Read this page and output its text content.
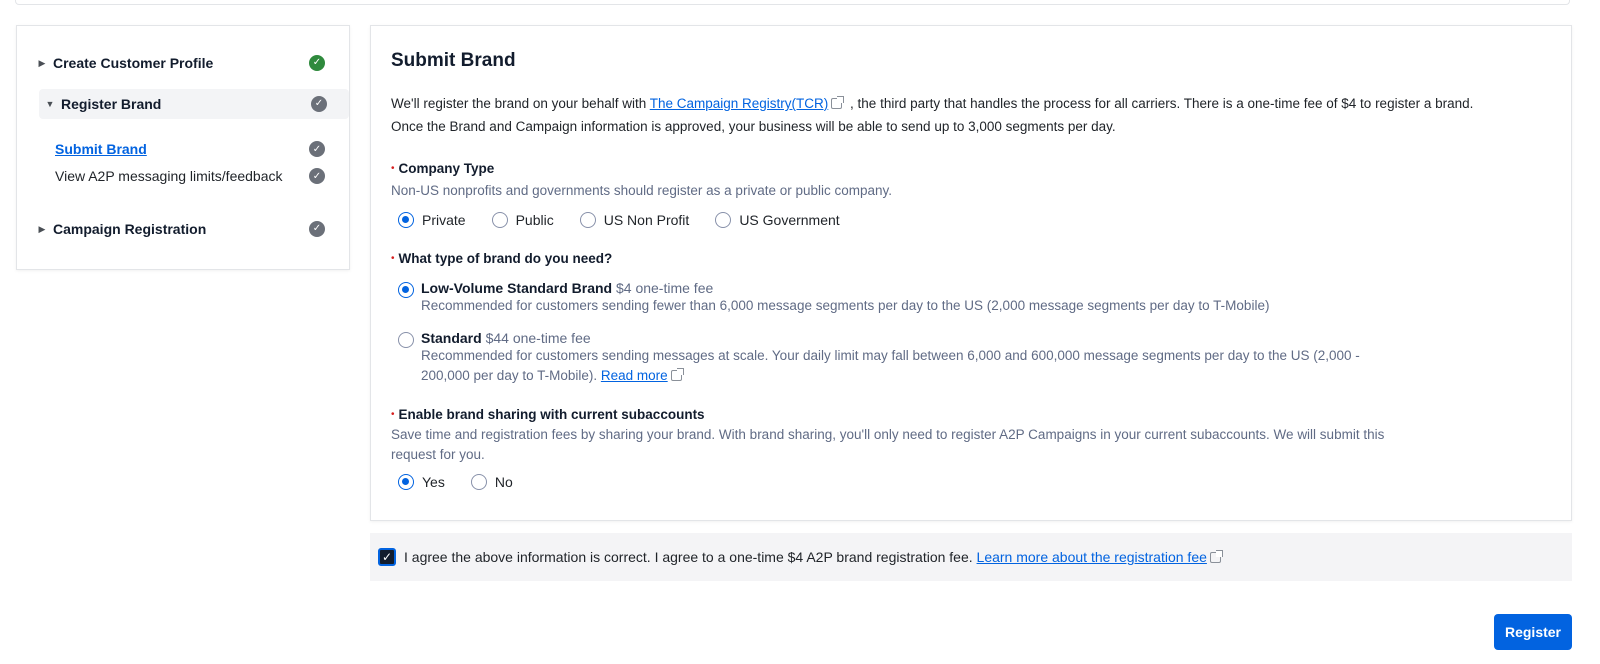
▶ Create Customer Profile	✓
▼ Register Brand	✓
Submit Brand	✓
View A2P messaging limits/feedback	✓
▶ Campaign Registration	✓
Submit Brand
We'll register the brand on your behalf with The Campaign Registry(TCR) , the third party that handles the process for all carriers. There is a one-time fee of $4 to register a brand.
Once the Brand and Campaign information is approved, your business will be able to send up to 3,000 segments per day.
• Company Type
Non-US nonprofits and governments should register as a private or public company.
Private	Public	US Non Profit	US Government
• What type of brand do you need?
Low-Volume Standard Brand $4 one-time fee
Recommended for customers sending fewer than 6,000 message segments per day to the US (2,000 message segments per day to T-Mobile)
Standard $44 one-time fee
Recommended for customers sending messages at scale. Your daily limit may fall between 6,000 and 600,000 message segments per day to the US (2,000 -
200,000 per day to T-Mobile). Read more
• Enable brand sharing with current subaccounts
Save time and registration fees by sharing your brand. With brand sharing, you'll only need to register A2P Campaigns in your current subaccounts. We will submit this
request for you.
Yes	No
✓ I agree the above information is correct. I agree to a one-time $4 A2P brand registration fee.
Learn more about the registration fee
Register
